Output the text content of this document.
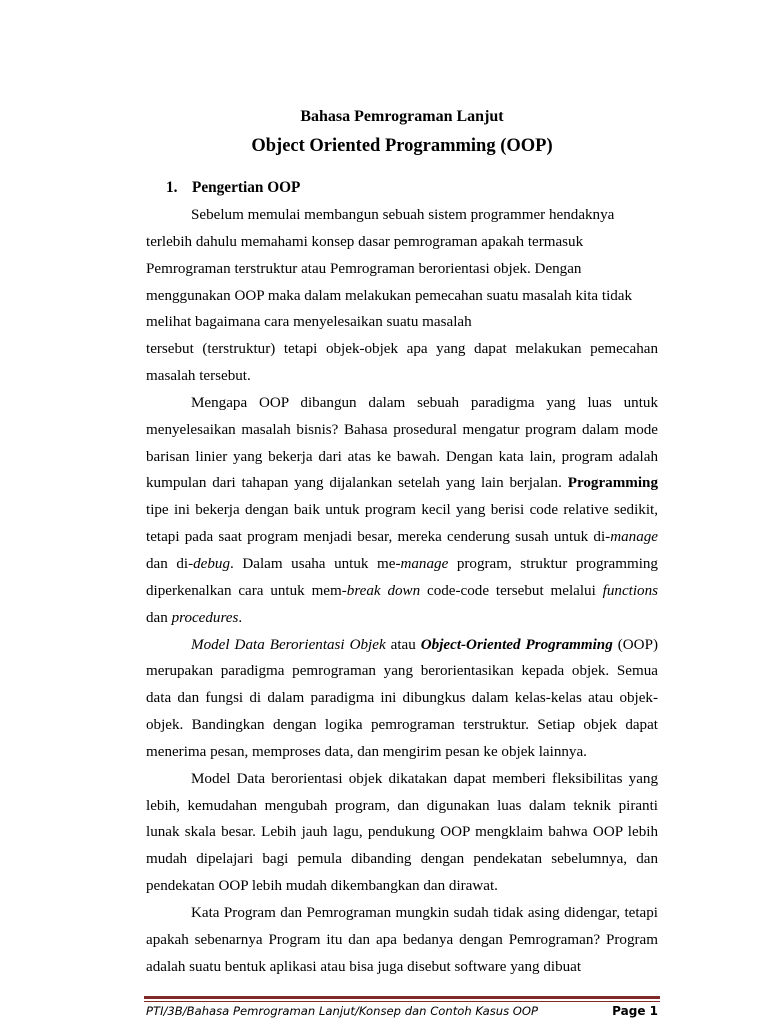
Bahasa Pemrograman Lanjut
Object Oriented Programming (OOP)
1. Pengertian OOP

Sebelum memulai membangun sebuah sistem programmer hendaknya terlebih dahulu memahami konsep dasar pemrograman apakah termasuk Pemrograman terstruktur atau Pemrograman berorientasi objek. Dengan menggunakan OOP maka dalam melakukan pemecahan suatu masalah kita tidak melihat bagaimana cara menyelesaikan suatu masalah

tersebut (terstruktur) tetapi objek-objek apa yang dapat melakukan pemecahan masalah tersebut.

Mengapa OOP dibangun dalam sebuah paradigma yang luas untuk menyelesaikan masalah bisnis? Bahasa prosedural mengatur program dalam mode barisan linier yang bekerja dari atas ke bawah. Dengan kata lain, program adalah kumpulan dari tahapan yang dijalankan setelah yang lain berjalan. Programming tipe ini bekerja dengan baik untuk program kecil yang berisi code relative sedikit, tetapi pada saat program menjadi besar, mereka cenderung susah untuk di-manage dan di-debug. Dalam usaha untuk me-manage program, struktur programming diperkenalkan cara untuk mem-break down code-code tersebut melalui functions dan procedures.

Model Data Berorientasi Objek atau Object-Oriented Programming (OOP) merupakan paradigma pemrograman yang berorientasikan kepada objek. Semua data dan fungsi di dalam paradigma ini dibungkus dalam kelas-kelas atau objek-objek. Bandingkan dengan logika pemrograman terstruktur. Setiap objek dapat menerima pesan, memproses data, dan mengirim pesan ke objek lainnya.

Model Data berorientasi objek dikatakan dapat memberi fleksibilitas yang lebih, kemudahan mengubah program, dan digunakan luas dalam teknik piranti lunak skala besar. Lebih jauh lagu, pendukung OOP mengklaim bahwa OOP lebih mudah dipelajari bagi pemula dibanding dengan pendekatan sebelumnya, dan pendekatan OOP lebih mudah dikembangkan dan dirawat.

Kata Program dan Pemrograman mungkin sudah tidak asing didengar, tetapi apakah sebenarnya Program itu dan apa bedanya dengan Pemrograman? Program adalah suatu bentuk aplikasi atau bisa juga disebut software yang dibuat

PTI/3B/Bahasa Pemrograman Lanjut/Konsep dan Contoh Kasus OOP	Page 1
